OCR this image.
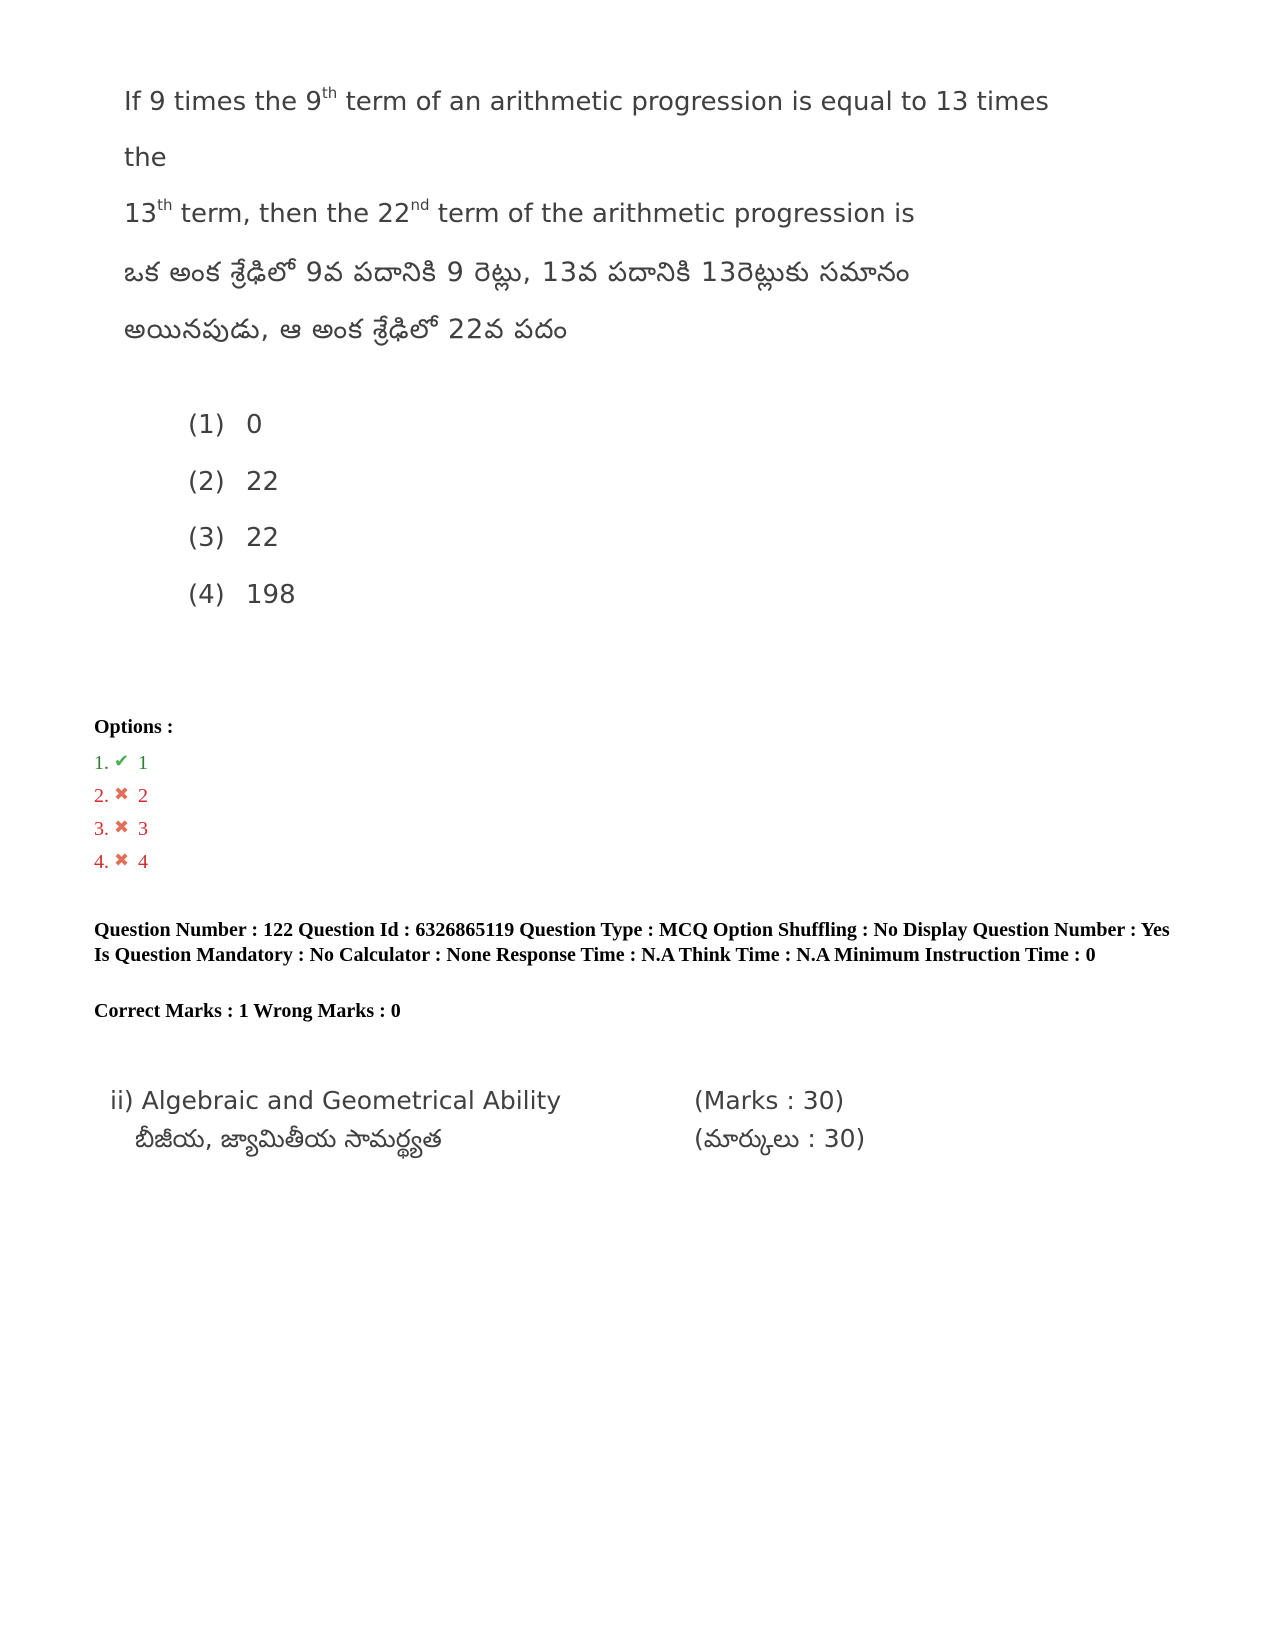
If 9 times the 9th term of an arithmetic progression is equal to 13 times the
13th term, then the 22nd term of the arithmetic progression is
ఒక అంక శ్రేఢిలో 9వ పదానికి 9 రెట్లు, 13వ పదానికి 13రెట్లుకు సమానం
అయినపుడు, ఆ అంక శ్రేఢిలో 22వ పదం
(1) 0
(2) 22
(3) 22
(4) 198
Options :
1. ✔ 1
2. ✖ 2
3. ✖ 3
4. ✖ 4
Question Number : 122 Question Id : 6326865119 Question Type : MCQ Option Shuffling : No Display Question Number : Yes Is Question Mandatory : No Calculator : None Response Time : N.A Think Time : N.A Minimum Instruction Time : 0
Correct Marks : 1 Wrong Marks : 0
ii) Algebraic and Geometrical Ability
బీజీయ, జ్యామితీయ సామర్థ్యత
(Marks : 30)
(మార్కులు : 30)
